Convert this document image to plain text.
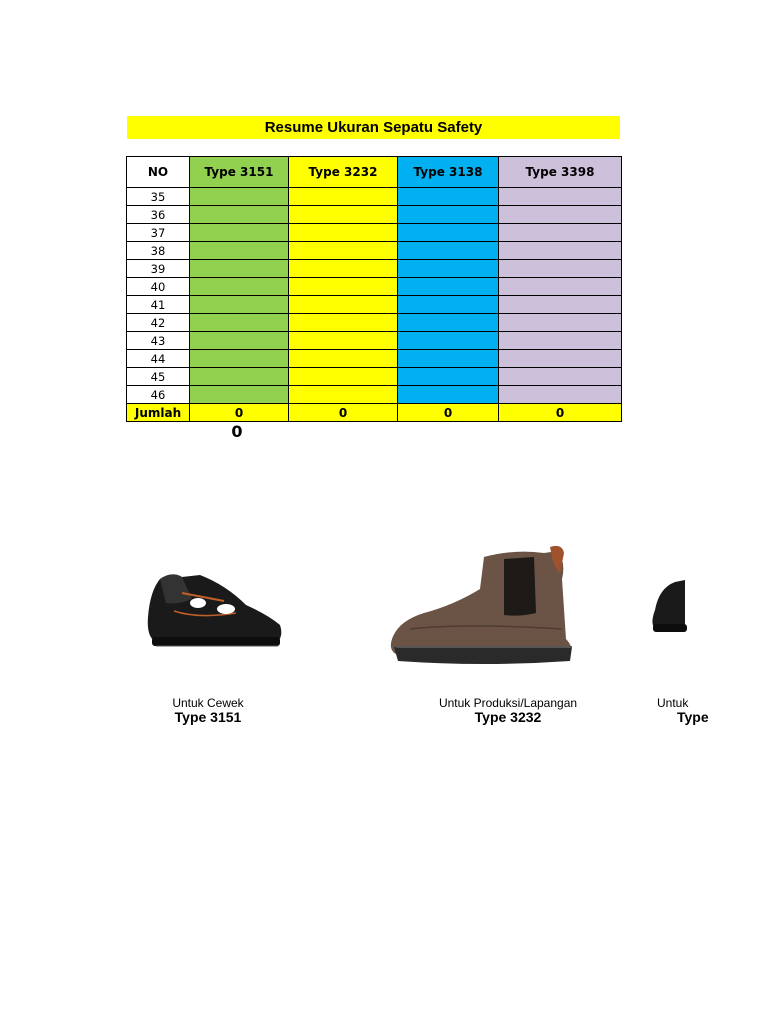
Resume Ukuran Sepatu Safety
NO	Type 3151	Type 3232	Type 3138	Type 3398
35				
36				
37				
38				
39				
40				
41				
42				
43				
44				
45				
46				
Jumlah	0	0	0	0
0
Untuk Cewek
Type 3151
Untuk Produksi/Lapangan
Type 3232
Untuk
Type
